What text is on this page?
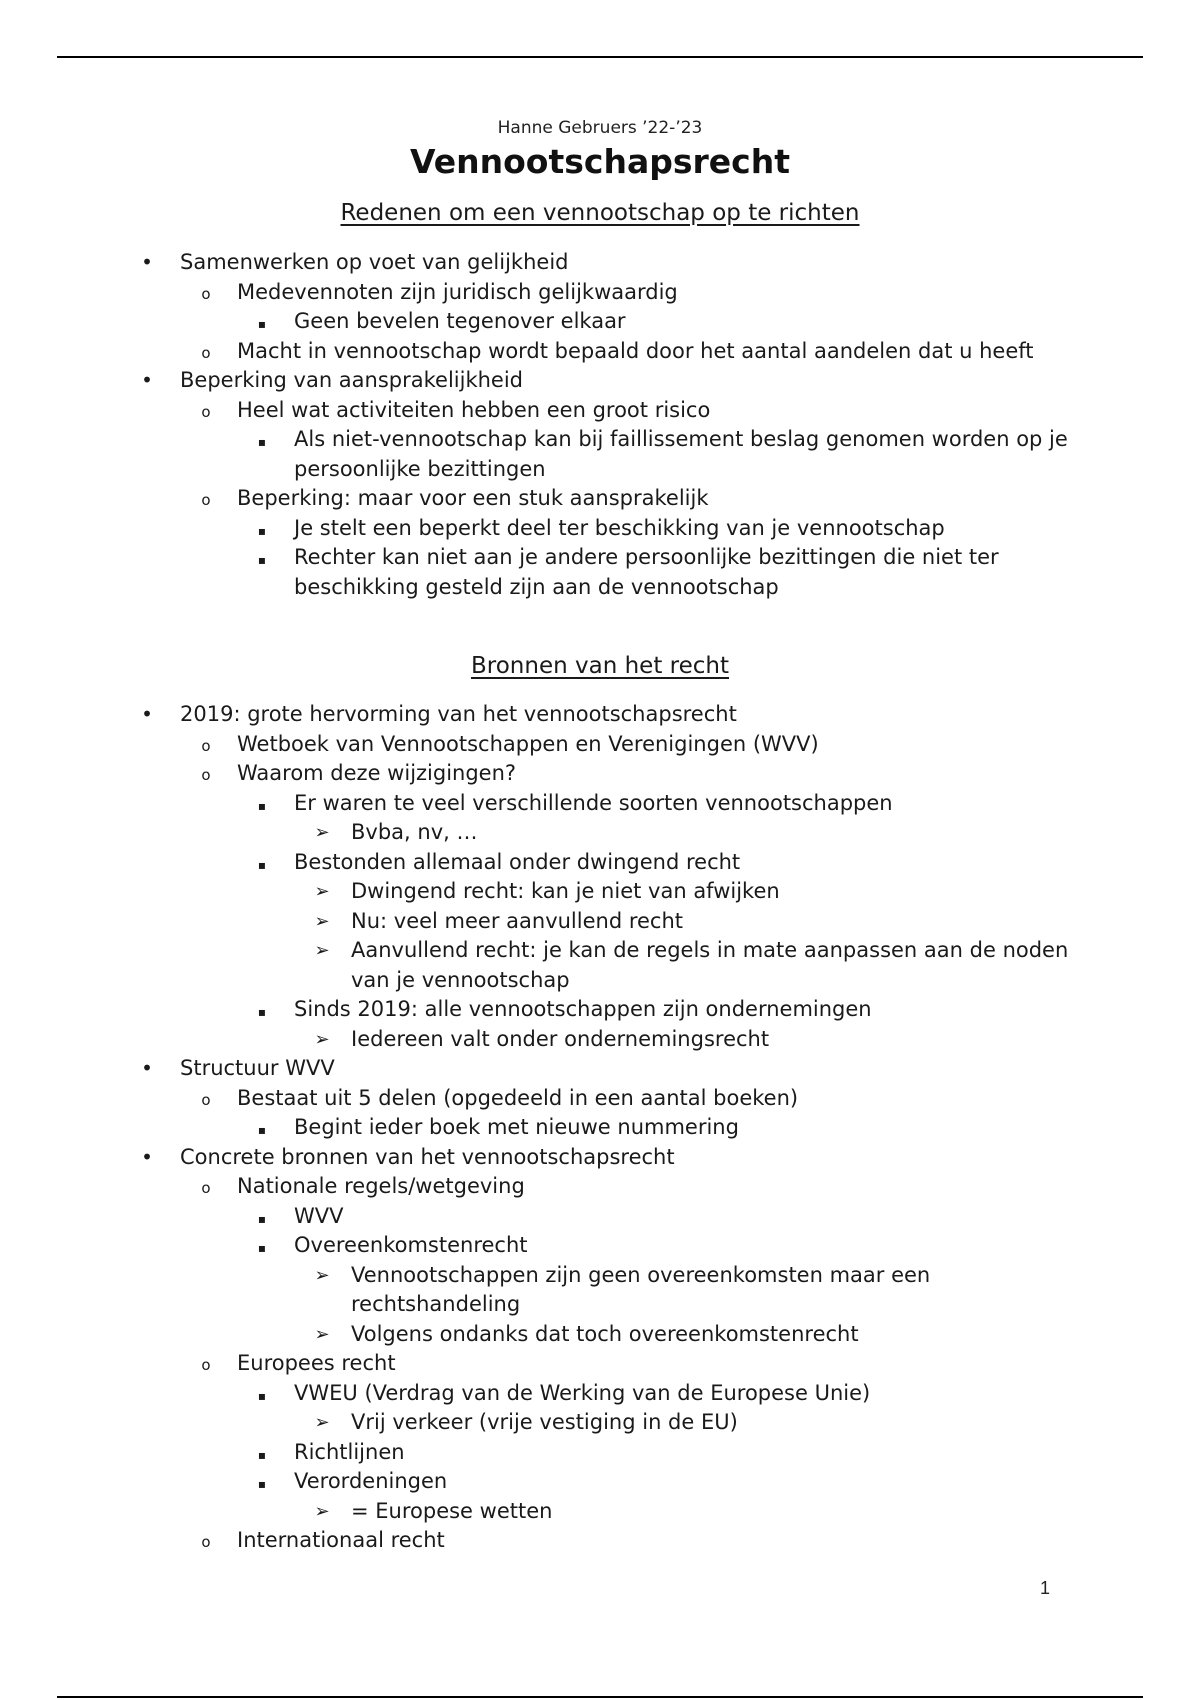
Hanne Gebruers ’22-’23
Vennootschapsrecht
Redenen om een vennootschap op te richten
• Samenwerken op voet van gelijkheid
o Medevennoten zijn juridisch gelijkwaardig
▪ Geen bevelen tegenover elkaar
o Macht in vennootschap wordt bepaald door het aantal aandelen dat u heeft
• Beperking van aansprakelijkheid
o Heel wat activiteiten hebben een groot risico
▪ Als niet-vennootschap kan bij faillissement beslag genomen worden op je persoonlijke bezittingen
o Beperking: maar voor een stuk aansprakelijk
▪ Je stelt een beperkt deel ter beschikking van je vennootschap
▪ Rechter kan niet aan je andere persoonlijke bezittingen die niet ter beschikking gesteld zijn aan de vennootschap
Bronnen van het recht
• 2019: grote hervorming van het vennootschapsrecht
o Wetboek van Vennootschappen en Verenigingen (WVV)
o Waarom deze wijzigingen?
▪ Er waren te veel verschillende soorten vennootschappen
➢ Bvba, nv, …
▪ Bestonden allemaal onder dwingend recht
➢ Dwingend recht: kan je niet van afwijken
➢ Nu: veel meer aanvullend recht
➢ Aanvullend recht: je kan de regels in mate aanpassen aan de noden van je vennootschap
▪ Sinds 2019: alle vennootschappen zijn ondernemingen
➢ Iedereen valt onder ondernemingsrecht
• Structuur WVV
o Bestaat uit 5 delen (opgedeeld in een aantal boeken)
▪ Begint ieder boek met nieuwe nummering
• Concrete bronnen van het vennootschapsrecht
o Nationale regels/wetgeving
▪ WVV
▪ Overeenkomstenrecht
➢ Vennootschappen zijn geen overeenkomsten maar een rechtshandeling
➢ Volgens ondanks dat toch overeenkomstenrecht
o Europees recht
▪ VWEU (Verdrag van de Werking van de Europese Unie)
➢ Vrij verkeer (vrije vestiging in de EU)
▪ Richtlijnen
▪ Verordeningen
➢ = Europese wetten
o Internationaal recht
1
